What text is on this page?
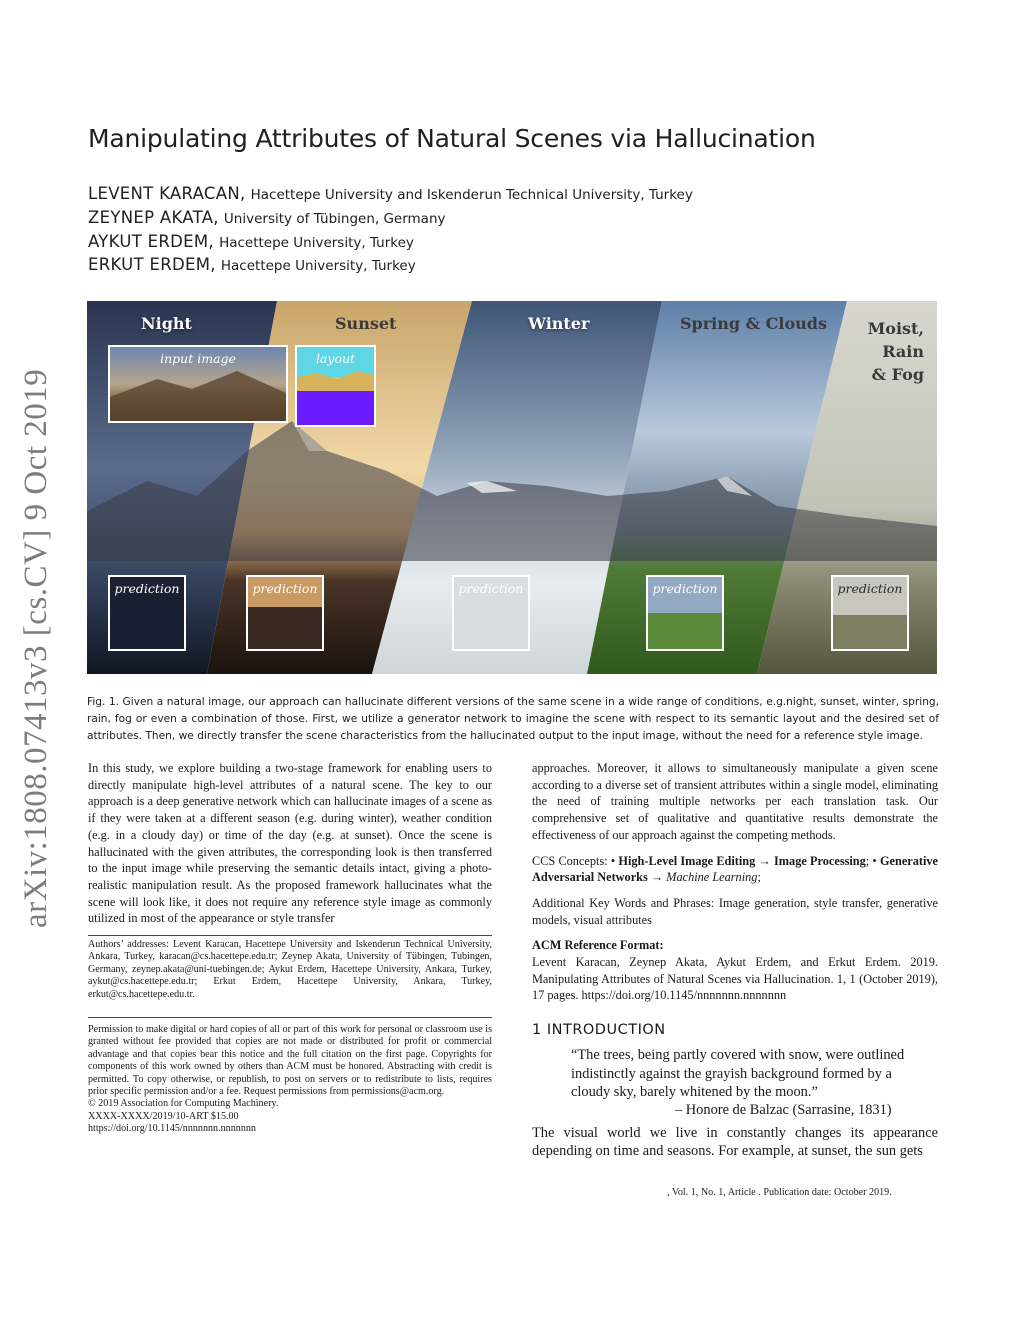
arXiv:1808.07413v3 [cs.CV] 9 Oct 2019
Manipulating Attributes of Natural Scenes via Hallucination
LEVENT KARACAN, Hacettepe University and Iskenderun Technical University, Turkey
ZEYNEP AKATA, University of Tübingen, Germany
AYKUT ERDEM, Hacettepe University, Turkey
ERKUT ERDEM, Hacettepe University, Turkey
Night	Sunset	Winter	Spring & Clouds	Moist,
Rain
& Fog
input image	layout
prediction	prediction	prediction	prediction	prediction
Fig. 1. Given a natural image, our approach can hallucinate different versions of the same scene in a wide range of conditions, e.g.night, sunset, winter, spring, rain, fog or even a combination of those. First, we utilize a generator network to imagine the scene with respect to its semantic layout and the desired set of attributes. Then, we directly transfer the scene characteristics from the hallucinated output to the input image, without the need for a reference style image.

In this study, we explore building a two-stage framework for enabling users to directly manipulate high-level attributes of a natural scene. The key to our approach is a deep generative network which can hallucinate images of a scene as if they were taken at a different season (e.g. during winter), weather condition (e.g. in a cloudy day) or time of the day (e.g. at sunset). Once the scene is hallucinated with the given attributes, the corresponding look is then transferred to the input image while preserving the semantic details intact, giving a photo-realistic manipulation result. As the proposed framework hallucinates what the scene will look like, it does not require any reference style image as commonly utilized in most of the appearance or style transfer

Authors’ addresses: Levent Karacan, Hacettepe University and Iskenderun Technical University, Ankara, Turkey, karacan@cs.hacettepe.edu.tr; Zeynep Akata, University of Tübingen, Tubingen, Germany, zeynep.akata@uni-tuebingen.de; Aykut Erdem, Hacettepe University, Ankara, Turkey, aykut@cs.hacettepe.edu.tr; Erkut Erdem, Hacettepe University, Ankara, Turkey, erkut@cs.hacettepe.edu.tr.
Permission to make digital or hard copies of all or part of this work for personal or classroom use is granted without fee provided that copies are not made or distributed for profit or commercial advantage and that copies bear this notice and the full citation on the first page. Copyrights for components of this work owned by others than ACM must be honored. Abstracting with credit is permitted. To copy otherwise, or republish, to post on servers or to redistribute to lists, requires prior specific permission and/or a fee. Request permissions from permissions@acm.org.
© 2019 Association for Computing Machinery.
XXXX-XXXX/2019/10-ART $15.00
https://doi.org/10.1145/nnnnnnn.nnnnnnn

approaches. Moreover, it allows to simultaneously manipulate a given scene according to a diverse set of transient attributes within a single model, eliminating the need of training multiple networks per each translation task. Our comprehensive set of qualitative and quantitative results demonstrate the effectiveness of our approach against the competing methods.

CCS Concepts: • High-Level Image Editing → Image Processing; • Generative Adversarial Networks → Machine Learning;

Additional Key Words and Phrases: Image generation, style transfer, generative models, visual attributes

ACM Reference Format:
Levent Karacan, Zeynep Akata, Aykut Erdem, and Erkut Erdem. 2019. Manipulating Attributes of Natural Scenes via Hallucination. 1, 1 (October 2019), 17 pages. https://doi.org/10.1145/nnnnnnn.nnnnnnn
1 INTRODUCTION
“The trees, being partly covered with snow, were outlined indistinctly against the grayish background formed by a cloudy sky, barely whitened by the moon.”
– Honore de Balzac (Sarrasine, 1831)
The visual world we live in constantly changes its appearance depending on time and seasons. For example, at sunset, the sun gets
, Vol. 1, No. 1, Article . Publication date: October 2019.
